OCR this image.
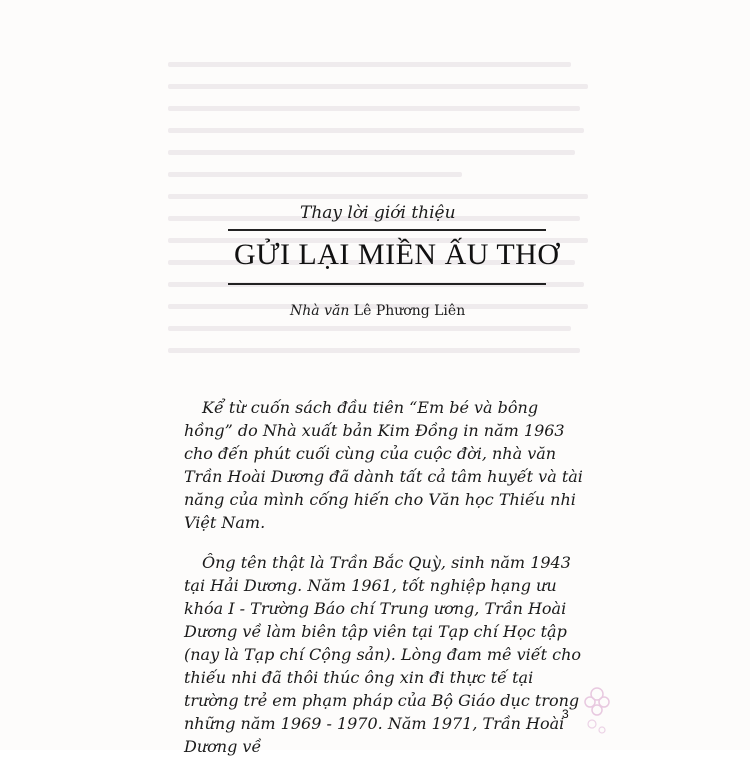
Thay lời giới thiệu
GỬI LẠI MIỀN ẤU THƠ
Nhà văn Lê Phương Liên

Kể từ cuốn sách đầu tiên “Em bé và bông hồng” do Nhà xuất bản Kim Đồng in năm 1963 cho đến phút cuối cùng của cuộc đời, nhà văn Trần Hoài Dương đã dành tất cả tâm huyết và tài năng của mình cống hiến cho Văn học Thiếu nhi Việt Nam.

Ông tên thật là Trần Bắc Quỳ, sinh năm 1943 tại Hải Dương. Năm 1961, tốt nghiệp hạng ưu khóa I - Trường Báo chí Trung ương, Trần Hoài Dương về làm biên tập viên tại Tạp chí Học tập (nay là Tạp chí Cộng sản). Lòng đam mê viết cho thiếu nhi đã thôi thúc ông xin đi thực tế tại trường trẻ em phạm pháp của Bộ Giáo dục trong những năm 1969 - 1970. Năm 1971, Trần Hoài Dương về

3
